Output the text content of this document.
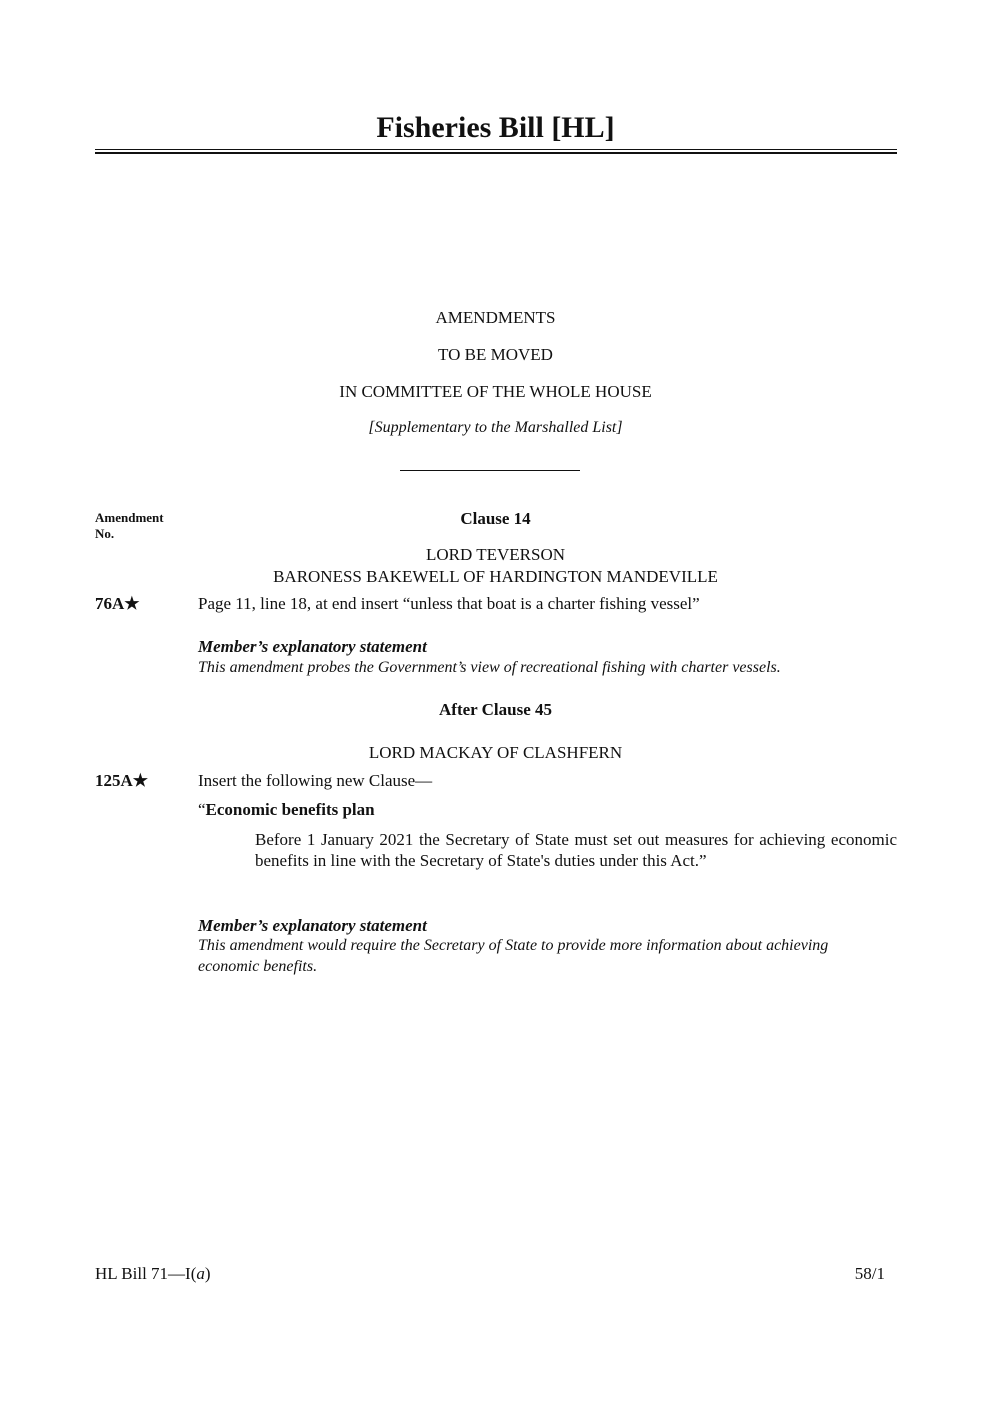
Fisheries Bill [HL]
AMENDMENTS
TO BE MOVED
IN COMMITTEE OF THE WHOLE HOUSE
[Supplementary to the Marshalled List]
Amendment No.
Clause 14
LORD TEVERSON
BARONESS BAKEWELL OF HARDINGTON MANDEVILLE
76A★	Page 11, line 18, at end insert “unless that boat is a charter fishing vessel”
Member’s explanatory statement
This amendment probes the Government’s view of recreational fishing with charter vessels.
After Clause 45
LORD MACKAY OF CLASHFERN
125A★	Insert the following new Clause—
“Economic benefits plan
Before 1 January 2021 the Secretary of State must set out measures for achieving economic benefits in line with the Secretary of State's duties under this Act.”
Member’s explanatory statement
This amendment would require the Secretary of State to provide more information about achieving economic benefits.
HL Bill 71—I(a)	58/1
